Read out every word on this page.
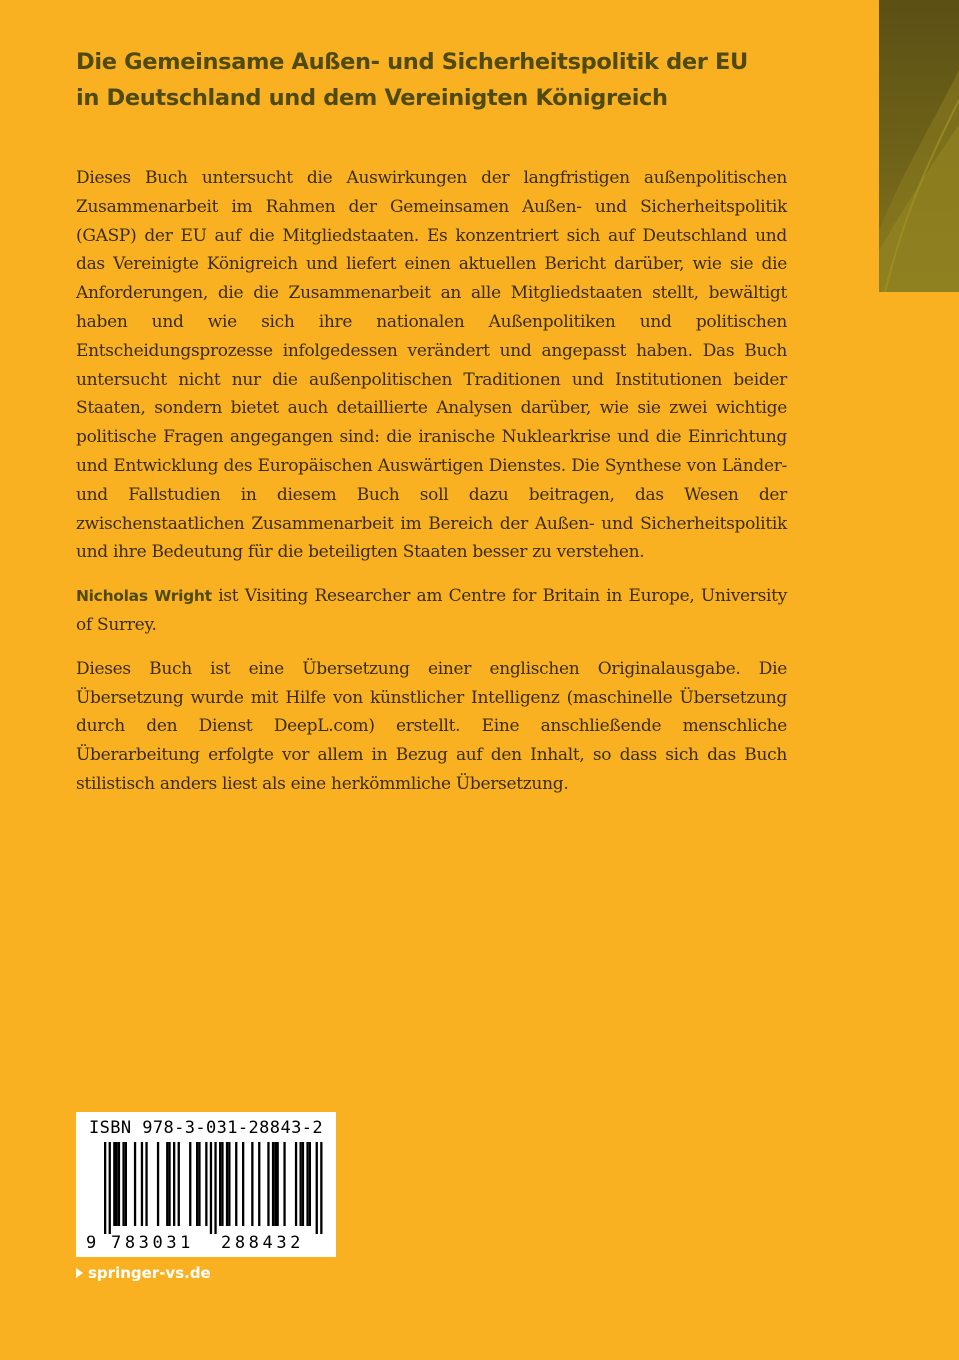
Die Gemeinsame Außen- und Sicherheitspolitik der EU
in Deutschland und dem Vereinigten Königreich

Dieses Buch untersucht die Auswirkungen der langfristigen außenpolitischen Zusammenarbeit im Rahmen der Gemeinsamen Außen- und Sicherheitspolitik (GASP) der EU auf die Mitgliedstaaten. Es konzentriert sich auf Deutschland und das Vereinigte Königreich und liefert einen aktuellen Bericht darüber, wie sie die Anforderungen, die die Zusammenarbeit an alle Mitgliedstaaten stellt, bewältigt haben und wie sich ihre nationalen Außenpolitiken und politischen Entscheidungsprozesse infolgedessen verändert und angepasst haben. Das Buch untersucht nicht nur die außenpolitischen Traditionen und Institutionen beider Staaten, sondern bietet auch detaillierte Analysen darüber, wie sie zwei wichtige politische Fragen angegangen sind: die iranische Nuklearkrise und die Einrichtung und Entwicklung des Europäischen Auswärtigen Dienstes. Die Synthese von Länder- und Fallstudien in diesem Buch soll dazu beitragen, das Wesen der zwischenstaatlichen Zusammenarbeit im Bereich der Außen- und Sicherheitspolitik und ihre Bedeutung für die beteiligten Staaten besser zu verstehen.

Nicholas Wright ist Visiting Researcher am Centre for Britain in Europe, University of Surrey.

Dieses Buch ist eine Übersetzung einer englischen Originalausgabe. Die Übersetzung wurde mit Hilfe von künstlicher Intelligenz (maschinelle Übersetzung durch den Dienst DeepL.com) erstellt. Eine anschließende menschliche Überarbeitung erfolgte vor allem in Bezug auf den Inhalt, so dass sich das Buch stilistisch anders liest als eine herkömmliche Übersetzung.

ISBN 978-3-031-28843-2
9 783031 288432
springer-vs.de
